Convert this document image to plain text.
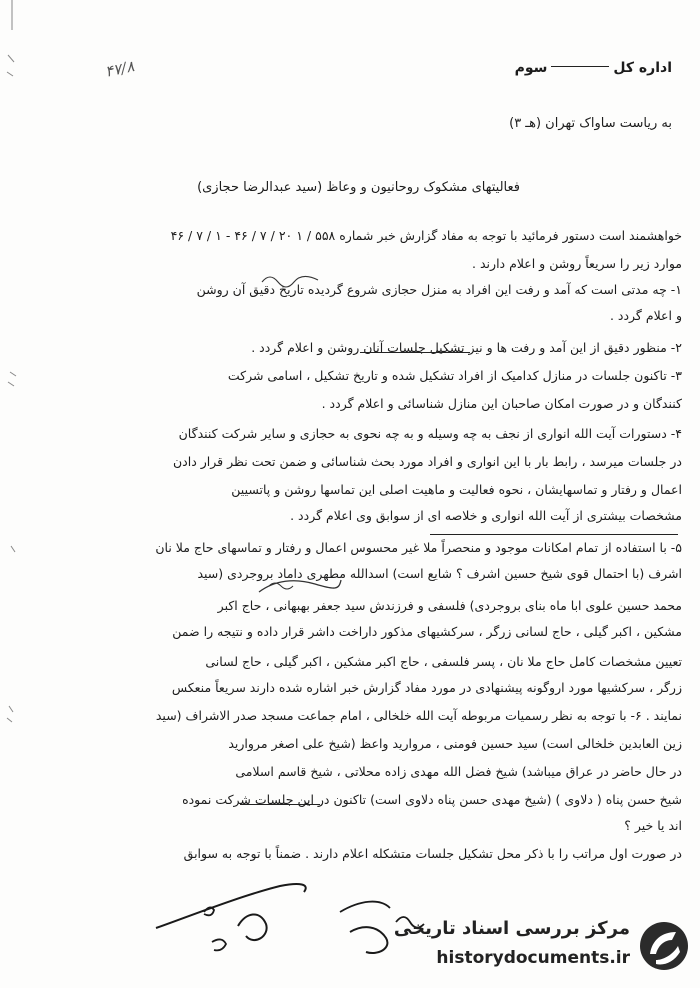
۴۷/۸	اداره کلسوم
به ریاست ساواک تهران (هـ ۳)
فعالیتهای مشکوک روحانیون و وعاظ (سید عبدالرضا حجازی)
خواهشمند است دستور فرمائید با توجه به مفاد گزارش خبر شماره ۵۵۸ / ۱ ۲۰ / ۷ / ۴۶ - ۱ / ۷ / ۴۶
موارد زیر را سریعاً روشن و اعلام دارند .
۱- چه مدتی است که آمد و رفت این افراد به منزل حجازی شروع گردیده تاریخ دقیق آن روشن
و اعلام گردد .
۲- منظور دقیق از این آمد و رفت ها و نیز تشکیل جلسات آنان روشن و اعلام گردد .
۳- تاکنون جلسات در منازل کدامیک از افراد تشکیل شده و تاریخ تشکیل ، اسامی شرکت
کنندگان و در صورت امکان صاحبان این منازل شناسائی و اعلام گردد .
۴- دستورات آیت الله انواری از نجف به چه وسیله و به چه نحوی به حجازی و سایر شرکت کنندگان
در جلسات میرسد ، رابط بار با این انواری و افراد مورد بحث شناسائی و ضمن تحت نظر قرار دادن
اعمال و رفتار و تماسهایشان ، نحوه فعالیت و ماهیت اصلی این تماسها روشن و پاتسیین
مشخصات بیشتری از آیت الله انواری و خلاصه ای از سوابق وی اعلام گردد .
۵- با استفاده از تمام امکانات موجود و منحصراً ملا غیر محسوس اعمال و رفتار و تماسهای حاج ملا نان
اشرف (با احتمال قوی شیخ حسین اشرف ؟ شایع است) اسدالله مطهری داماد بروجردی (سید
محمد حسین علوی ابا ماه بنای بروجردی) فلسفی و فرزندش سید جعفر بهبهانی ، حاج اکبر
مشکین ، اکبر گیلی ، حاج لسانی زرگر ، سرکشیهای مذکور داراخت داشر قرار داده و نتیجه را ضمن
تعیین مشخصات کامل حاج ملا نان ، پسر فلسفی ، حاج اکبر مشکین ، اکبر گیلی ، حاج لسانی
زرگر ، سرکشیها مورد اروگونه پیشنهادی در مورد مفاد گزارش خبر اشاره شده دارند سریعاً منعکس
نمایند . ۶- با توجه به نظر رسمیات مربوطه آیت الله خلخالی ، امام جماعت مسجد صدر الاشراف (سید
زین العابدین خلخالی است) سید حسین فومنی ، مروارید واعظ (شیخ علی اصغر مروارید
در حال حاضر در عراق میباشد) شیخ فضل الله مهدی زاده محلاتی ، شیخ قاسم اسلامی
شیخ حسن پناه ( دلاوی ) (شیخ مهدی حسن پناه دلاوی است) تاکنون در این جلسات شرکت نموده
اند یا خیر ؟
در صورت اول مراتب را با ذکر محل تشکیل جلسات متشکله اعلام دارند . ضمناً با توجه به سوابق
مرکز بررسی اسناد تاریخی
historydocuments.ir
